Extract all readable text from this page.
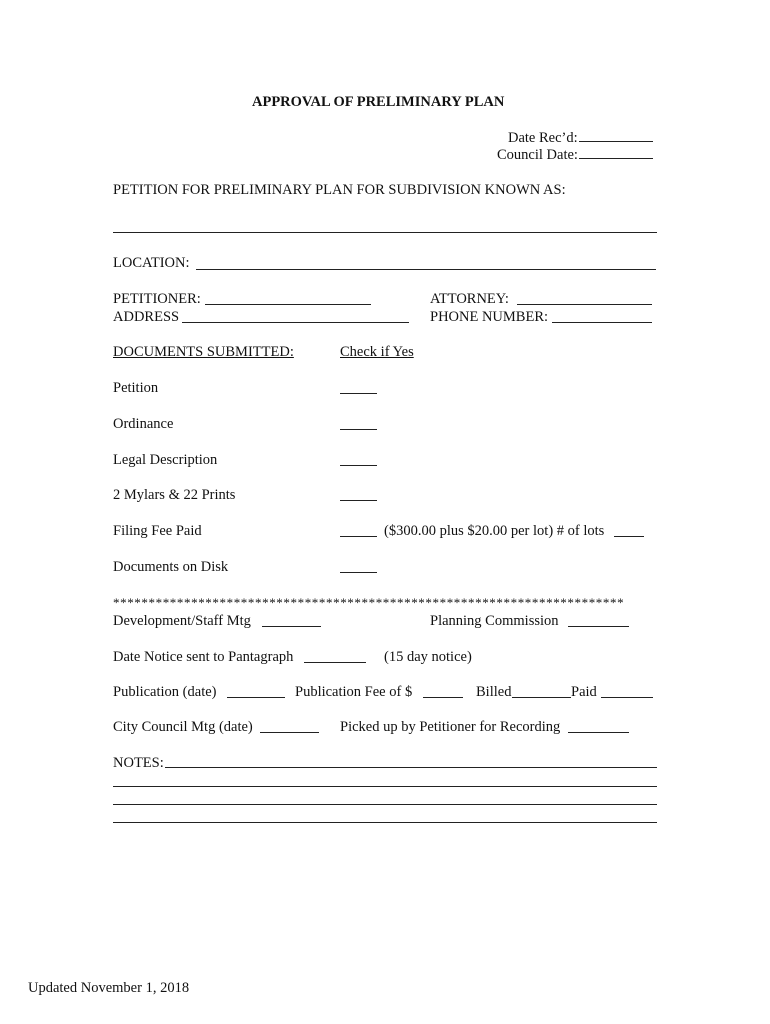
APPROVAL OF PRELIMINARY PLAN
Date Rec’d:
Council Date:
PETITION FOR PRELIMINARY PLAN FOR SUBDIVISION KNOWN AS:
LOCATION:
PETITIONER:	ATTORNEY:
ADDRESS	PHONE NUMBER:
DOCUMENTS SUBMITTED:	Check if Yes
Petition
Ordinance
Legal Description
2 Mylars & 22 Prints
Filing Fee Paid	($300.00 plus $20.00 per lot) # of lots
Documents on Disk
************************************************************************
Development/Staff Mtg	Planning Commission
Date Notice sent to Pantagraph	(15 day notice)
Publication (date)	Publication Fee of $	Billed	Paid
City Council Mtg (date)	Picked up by Petitioner for Recording
NOTES:
Updated November 1, 2018
